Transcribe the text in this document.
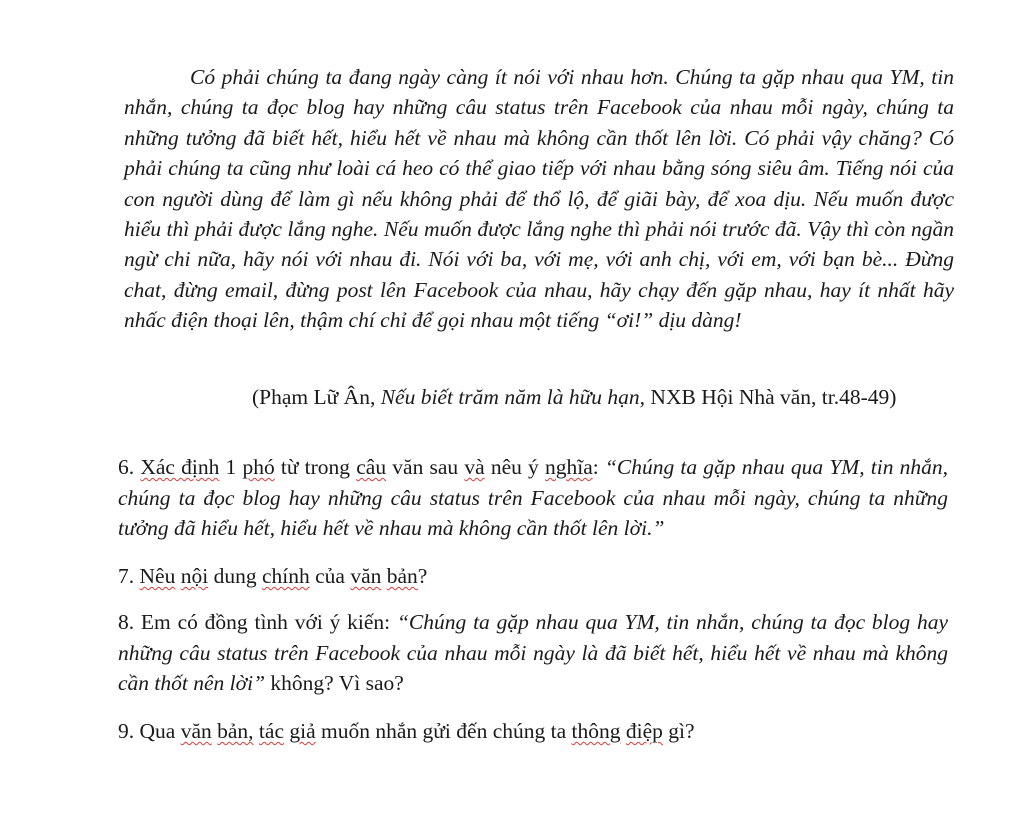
Có phải chúng ta đang ngày càng ít nói với nhau hơn. Chúng ta gặp nhau qua YM, tin nhắn, chúng ta đọc blog hay những câu status trên Facebook của nhau mỗi ngày, chúng ta những tưởng đã biết hết, hiểu hết về nhau mà không cần thốt lên lời. Có phải vậy chăng? Có phải chúng ta cũng như loài cá heo có thể giao tiếp với nhau bằng sóng siêu âm. Tiếng nói của con người dùng để làm gì nếu không phải để thổ lộ, để giãi bày, để xoa dịu. Nếu muốn được hiểu thì phải được lắng nghe. Nếu muốn được lắng nghe thì phải nói trước đã. Vậy thì còn ngần ngừ chi nữa, hãy nói với nhau đi. Nói với ba, với mẹ, với anh chị, với em, với bạn bè... Đừng chat, đừng email, đừng post lên Facebook của nhau, hãy chạy đến gặp nhau, hay ít nhất hãy nhấc điện thoại lên, thậm chí chỉ để gọi nhau một tiếng “ơi!” dịu dàng!

(Phạm Lữ Ân, Nếu biết trăm năm là hữu hạn, NXB Hội Nhà văn, tr.48-49)

6. Xác định 1 phó từ trong câu văn sau và nêu ý nghĩa: “Chúng ta gặp nhau qua YM, tin nhắn, chúng ta đọc blog hay những câu status trên Facebook của nhau mỗi ngày, chúng ta những tưởng đã hiểu hết, hiểu hết về nhau mà không cần thốt lên lời.”

7. Nêu nội dung chính của văn bản?

8. Em có đồng tình với ý kiến: “Chúng ta gặp nhau qua YM, tin nhắn, chúng ta đọc blog hay những câu status trên Facebook của nhau mỗi ngày là đã biết hết, hiểu hết về nhau mà không cần thốt nên lời” không? Vì sao?

9. Qua văn bản, tác giả muốn nhắn gửi đến chúng ta thông điệp gì?
